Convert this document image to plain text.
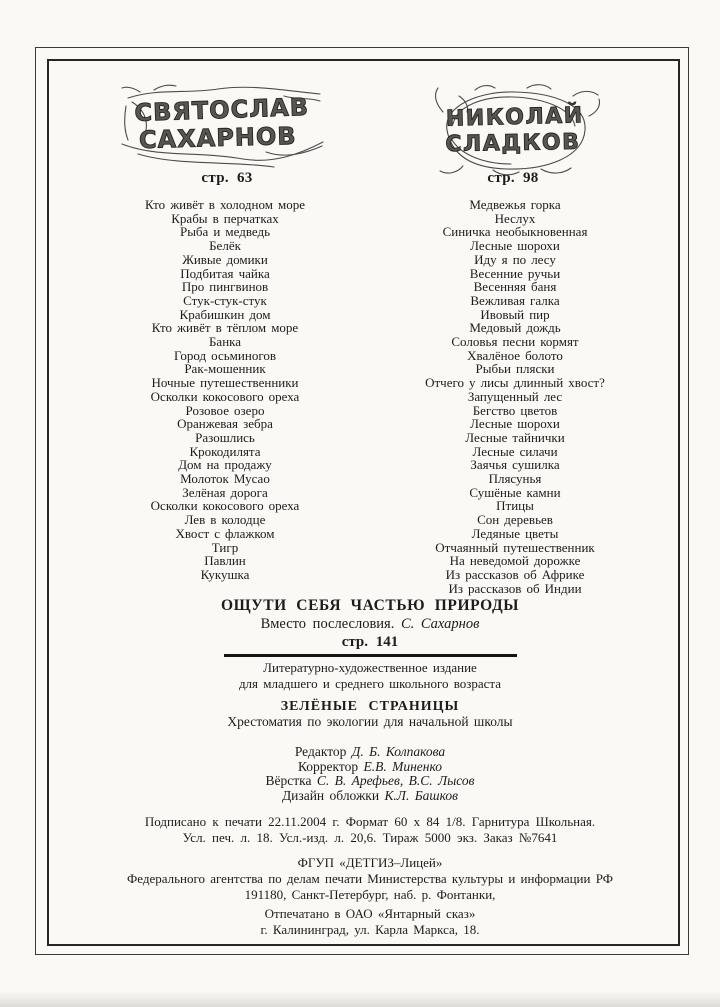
СВЯТОСЛАВ
САХАРНОВ
стр. 63
НИКОЛАЙ
СЛАДКОВ
стр. 98
Кто живёт в холодном море
Крабы в перчатках
Рыба и медведь
Белёк
Живые домики
Подбитая чайка
Про пингвинов
Стук-стук-стук
Крабишкин дом
Кто живёт в тёплом море
Банка
Город осьминогов
Рак-мошенник
Ночные путешественники
Осколки кокосового ореха
Розовое озеро
Оранжевая зебра
Разошлись
Крокодилята
Дом на продажу
Молоток Мусао
Зелёная дорога
Осколки кокосового ореха
Лев в колодце
Хвост с флажком
Тигр
Павлин
Кукушка
Медвежья горка
Неслух
Синичка необыкновенная
Лесные шорохи
Иду я по лесу
Весенние ручьи
Весенняя баня
Вежливая галка
Ивовый пир
Медовый дождь
Соловья песни кормят
Хвалёное болото
Рыбьи пляски
Отчего у лисы длинный хвост?
Запущенный лес
Бегство цветов
Лесные шорохи
Лесные тайнички
Лесные силачи
Заячья сушилка
Плясунья
Сушёные камни
Птицы
Сон деревьев
Ледяные цветы
Отчаянный путешественник
На неведомой дорожке
Из рассказов об Африке
Из рассказов об Индии
ОЩУТИ СЕБЯ ЧАСТЬЮ ПРИРОДЫ
Вместо послесловия. С. Сахарнов
стр. 141
Литературно-художественное издание
для младшего и среднего школьного возраста
ЗЕЛЁНЫЕ СТРАНИЦЫ
Хрестоматия по экологии для начальной школы
Редактор Д. Б. Колпакова
Корректор Е.В. Миненко
Вёрстка С. В. Арефьев, В.С. Лысов
Дизайн обложки К.Л. Башков
Подписано к печати 22.11.2004 г. Формат 60 х 84 1/8. Гарнитура Школьная.
Усл. печ. л. 18. Усл.-изд. л. 20,6. Тираж 5000 экз. Заказ №7641
ФГУП «ДЕТГИЗ–Лицей»
Федерального агентства по делам печати Министерства культуры и информации РФ
191180, Санкт-Петербург, наб. р. Фонтанки,
Отпечатано в ОАО «Янтарный сказ»
г. Калининград, ул. Карла Маркса, 18.
